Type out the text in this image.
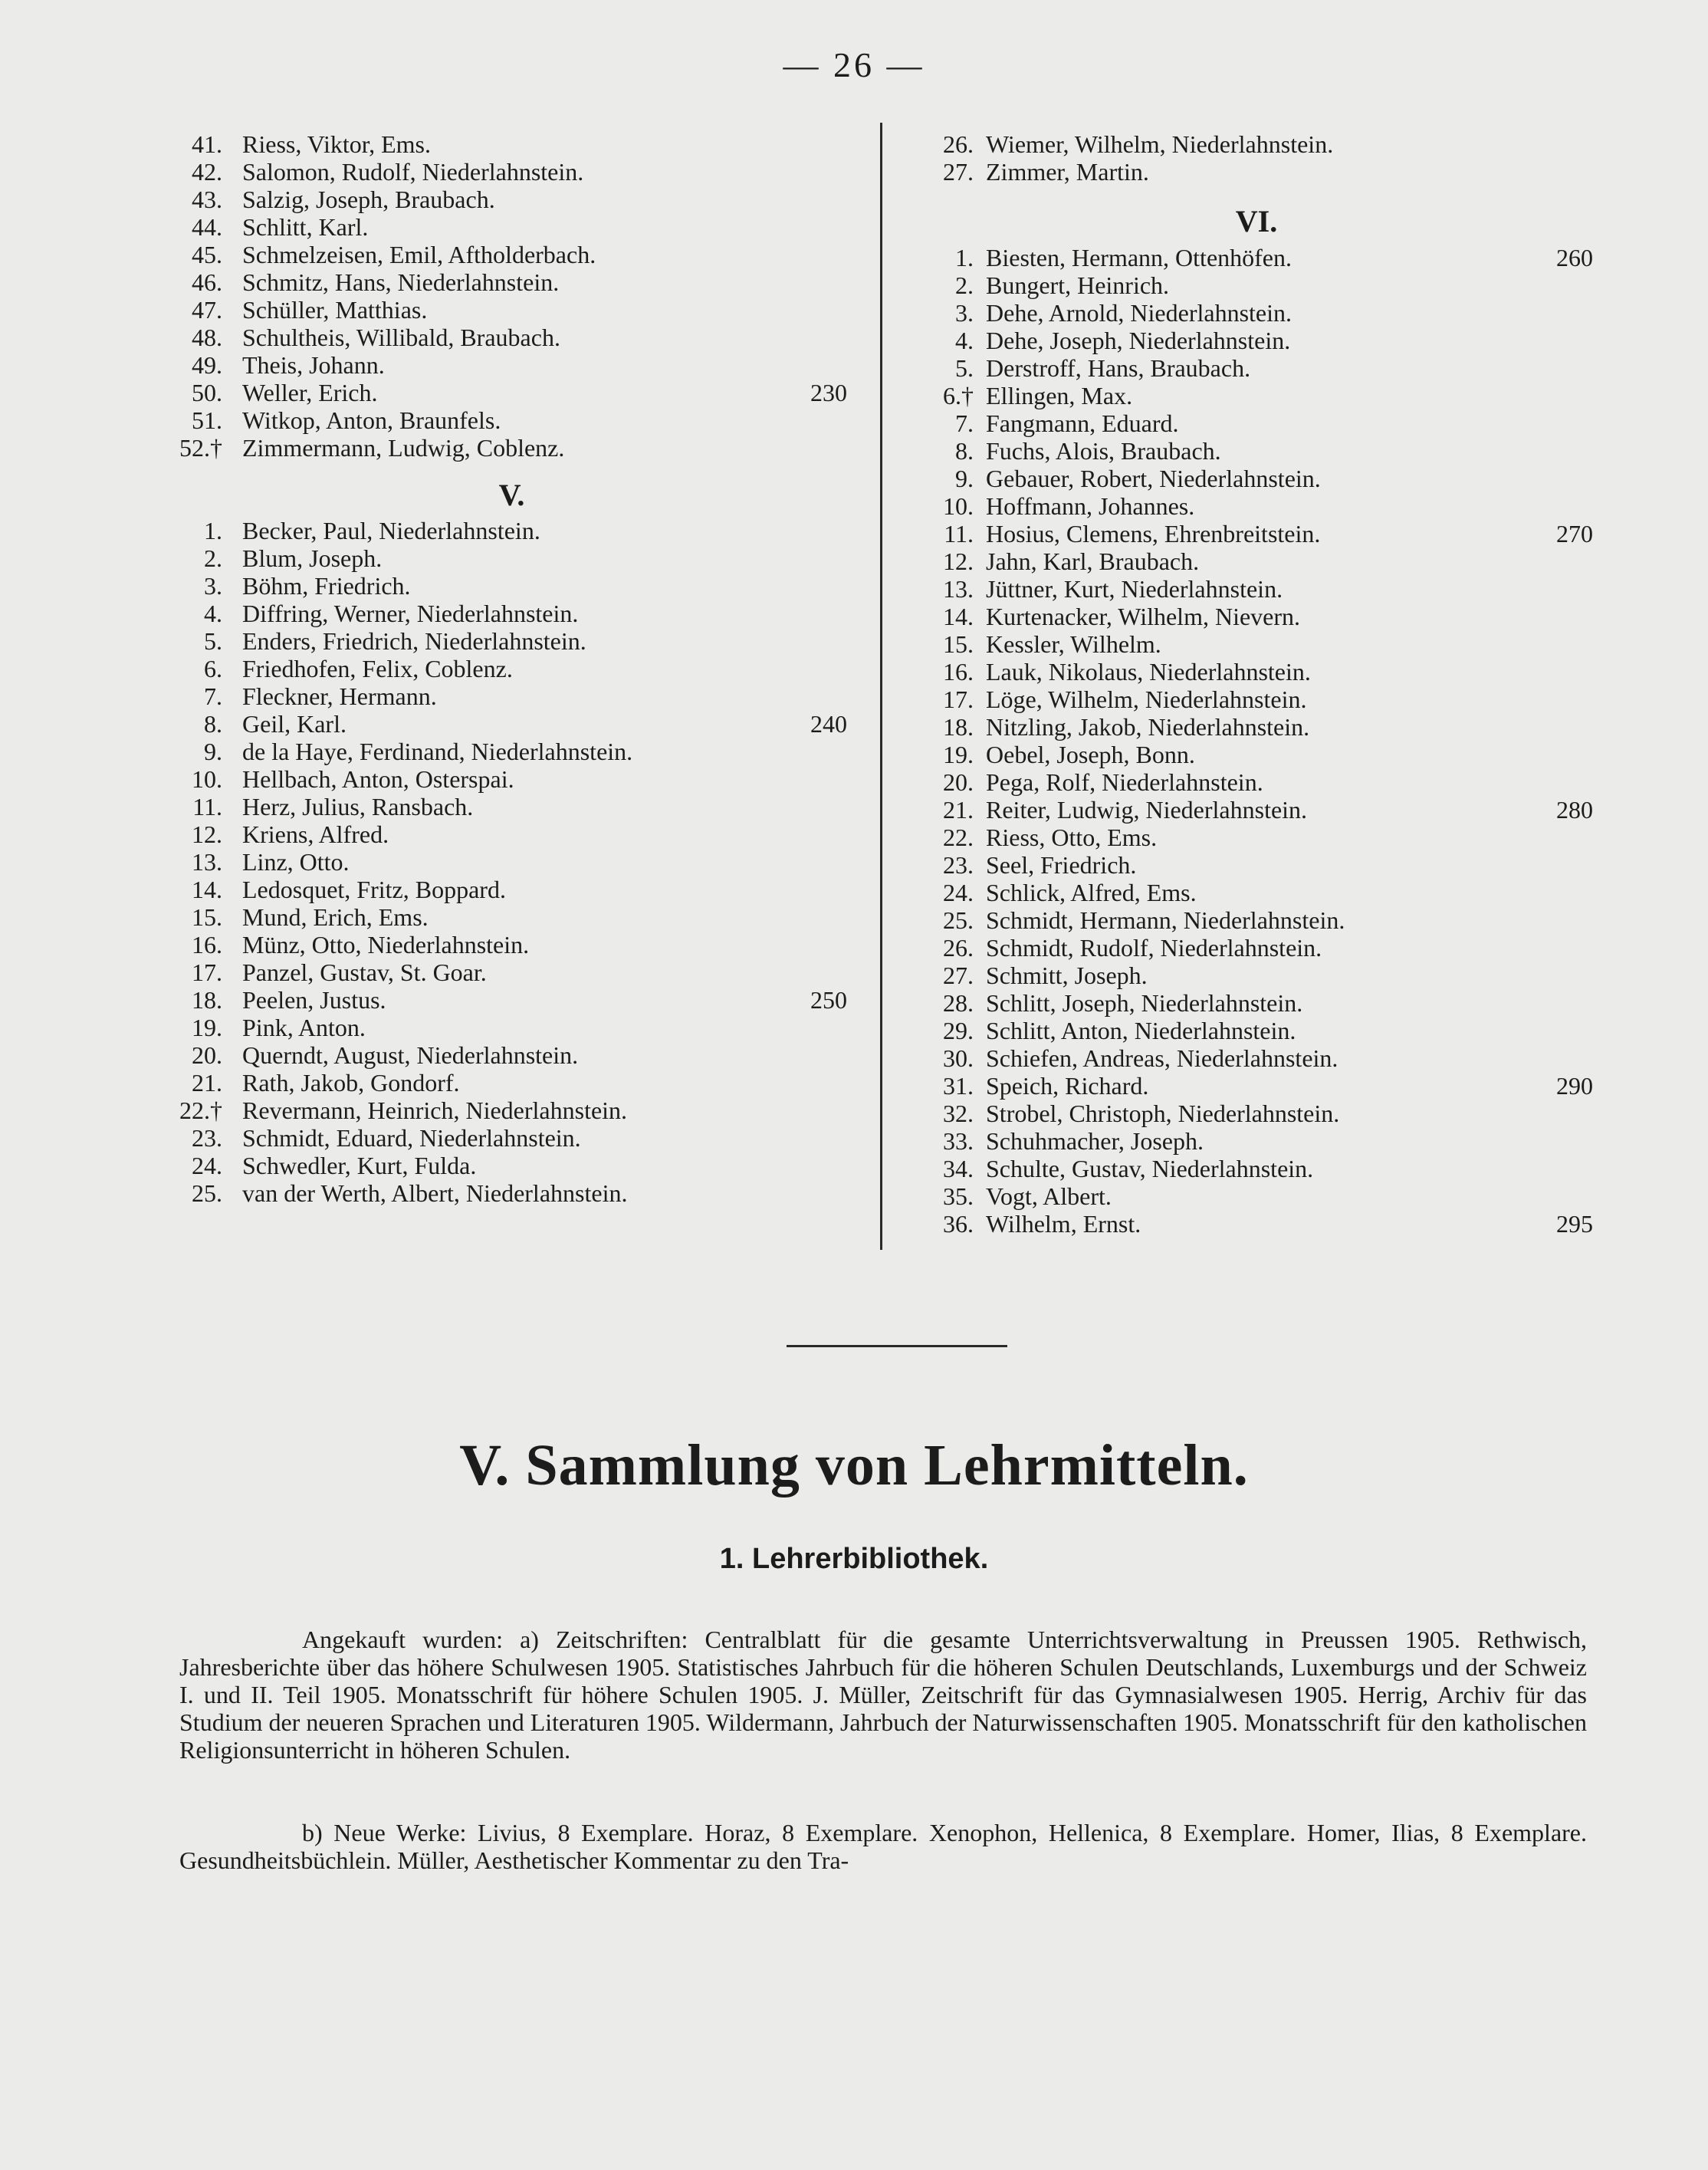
— 26 —
41. Riess, Viktor, Ems.
42. Salomon, Rudolf, Niederlahnstein.
43. Salzig, Joseph, Braubach.
44. Schlitt, Karl.
45. Schmelzeisen, Emil, Aftholderbach.
46. Schmitz, Hans, Niederlahnstein.
47. Schüller, Matthias.
48. Schultheis, Willibald, Braubach.
49. Theis, Johann.
50. Weller, Erich.	230
51. Witkop, Anton, Braunfels.
52.† Zimmermann, Ludwig, Coblenz.
V.
1. Becker, Paul, Niederlahnstein.
2. Blum, Joseph.
3. Böhm, Friedrich.
4. Diffring, Werner, Niederlahnstein.
5. Enders, Friedrich, Niederlahnstein.
6. Friedhofen, Felix, Coblenz.
7. Fleckner, Hermann.
8. Geil, Karl.	240
9. de la Haye, Ferdinand, Niederlahnstein.
10. Hellbach, Anton, Osterspai.
11. Herz, Julius, Ransbach.
12. Kriens, Alfred.
13. Linz, Otto.
14. Ledosquet, Fritz, Boppard.
15. Mund, Erich, Ems.
16. Münz, Otto, Niederlahnstein.
17. Panzel, Gustav, St. Goar.
18. Peelen, Justus.	250
19. Pink, Anton.
20. Querndt, August, Niederlahnstein.
21. Rath, Jakob, Gondorf.
22.† Revermann, Heinrich, Niederlahnstein.
23. Schmidt, Eduard, Niederlahnstein.
24. Schwedler, Kurt, Fulda.
25. van der Werth, Albert, Niederlahnstein.
26. Wiemer, Wilhelm, Niederlahnstein.
27. Zimmer, Martin.
VI.
1. Biesten, Hermann, Ottenhöfen.	260
2. Bungert, Heinrich.
3. Dehe, Arnold, Niederlahnstein.
4. Dehe, Joseph, Niederlahnstein.
5. Derstroff, Hans, Braubach.
6.† Ellingen, Max.
7. Fangmann, Eduard.
8. Fuchs, Alois, Braubach.
9. Gebauer, Robert, Niederlahnstein.
10. Hoffmann, Johannes.
11. Hosius, Clemens, Ehrenbreitstein.	270
12. Jahn, Karl, Braubach.
13. Jüttner, Kurt, Niederlahnstein.
14. Kurtenacker, Wilhelm, Nievern.
15. Kessler, Wilhelm.
16. Lauk, Nikolaus, Niederlahnstein.
17. Löge, Wilhelm, Niederlahnstein.
18. Nitzling, Jakob, Niederlahnstein.
19. Oebel, Joseph, Bonn.
20. Pega, Rolf, Niederlahnstein.
21. Reiter, Ludwig, Niederlahnstein.	280
22. Riess, Otto, Ems.
23. Seel, Friedrich.
24. Schlick, Alfred, Ems.
25. Schmidt, Hermann, Niederlahnstein.
26. Schmidt, Rudolf, Niederlahnstein.
27. Schmitt, Joseph.
28. Schlitt, Joseph, Niederlahnstein.
29. Schlitt, Anton, Niederlahnstein.
30. Schiefen, Andreas, Niederlahnstein.
31. Speich, Richard.	290
32. Strobel, Christoph, Niederlahnstein.
33. Schuhmacher, Joseph.
34. Schulte, Gustav, Niederlahnstein.
35. Vogt, Albert.
36. Wilhelm, Ernst.	295
V. Sammlung von Lehrmitteln.
1. Lehrerbibliothek.
Angekauft wurden: a) Zeitschriften: Centralblatt für die gesamte Unterrichtsverwaltung in Preussen 1905. Rethwisch, Jahresberichte über das höhere Schulwesen 1905. Statistisches Jahrbuch für die höheren Schulen Deutschlands, Luxemburgs und der Schweiz I. und II. Teil 1905. Monatsschrift für höhere Schulen 1905. J. Müller, Zeitschrift für das Gymnasialwesen 1905. Herrig, Archiv für das Studium der neueren Sprachen und Literaturen 1905. Wildermann, Jahrbuch der Naturwissenschaften 1905. Monatsschrift für den katholischen Religionsunterricht in höheren Schulen.
b) Neue Werke: Livius, 8 Exemplare. Horaz, 8 Exemplare. Xenophon, Hellenica, 8 Exemplare. Homer, Ilias, 8 Exemplare. Gesundheitsbüchlein. Müller, Aesthetischer Kommentar zu den Tra-
